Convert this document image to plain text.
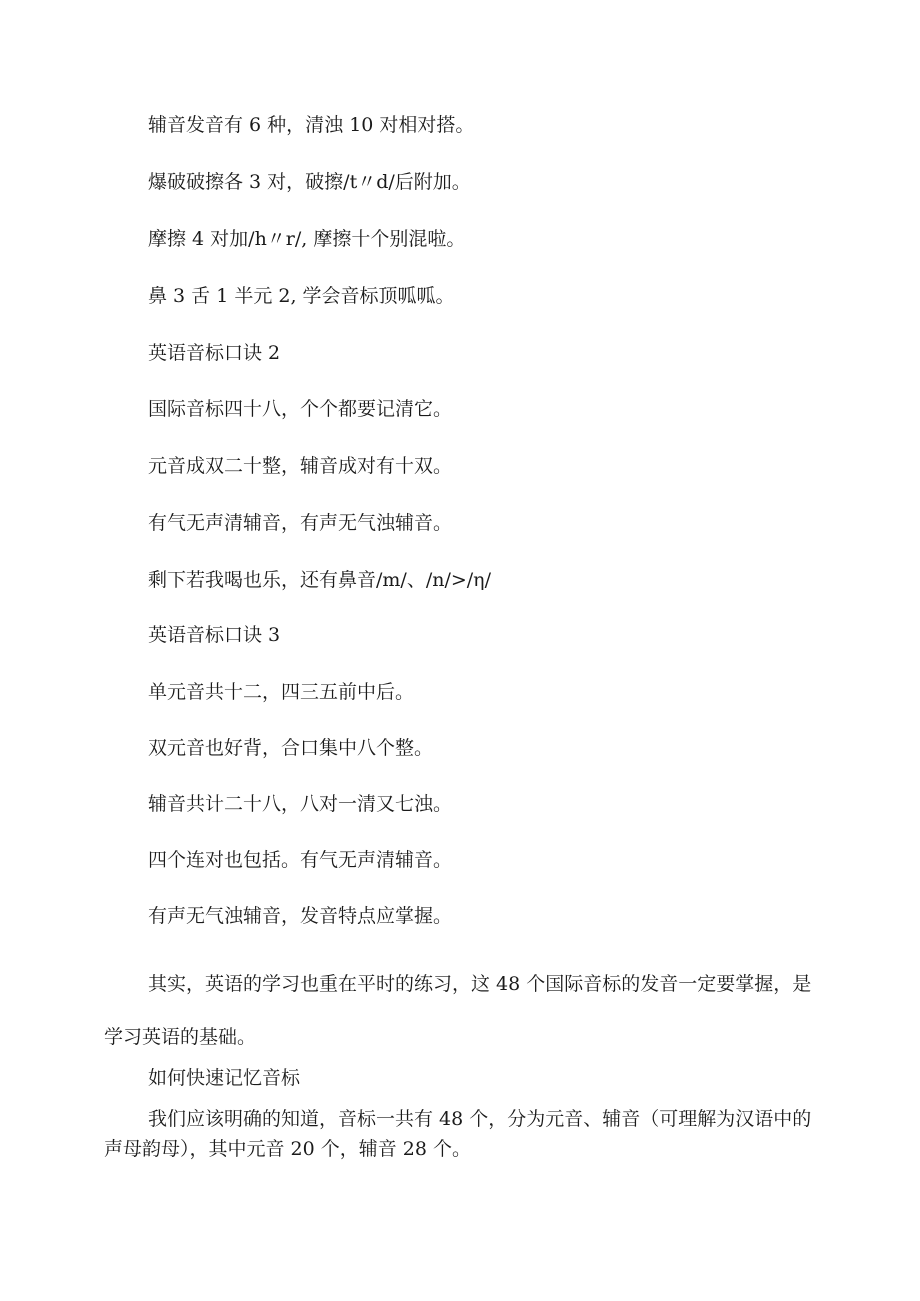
辅音发音有 6 种，清浊 10 对相对搭。

爆破破擦各 3 对，破擦/t〃d/后附加。

摩擦 4 对加/h〃r/, 摩擦十个别混啦。

鼻 3 舌 1 半元 2, 学会音标顶呱呱。

英语音标口诀 2

国际音标四十八，个个都要记清它。

元音成双二十整，辅音成对有十双。

有气无声清辅音，有声无气浊辅音。

剩下若我喝也乐，还有鼻音/m/、/n/>/η/

英语音标口诀 3

单元音共十二，四三五前中后。

双元音也好背，合口集中八个整。

辅音共计二十八，八对一清又七浊。

四个连对也包括。有气无声清辅音。

有声无气浊辅音，发音特点应掌握。

其实，英语的学习也重在平时的练习，这 48 个国际音标的发音一定要掌握，是学习英语的基础。

如何快速记忆音标

我们应该明确的知道，音标一共有 48 个，分为元音、辅音（可理解为汉语中的声母韵母），其中元音 20 个，辅音 28 个。
